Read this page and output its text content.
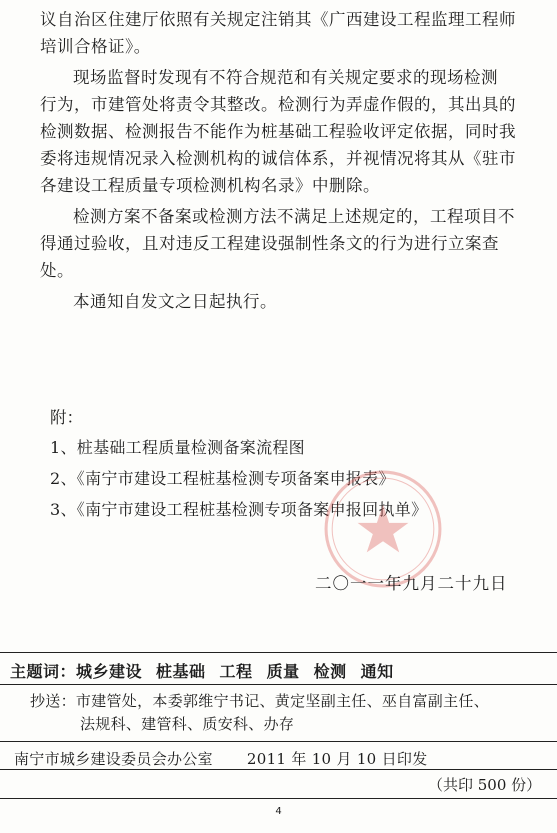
议自治区住建厅依照有关规定注销其《广西建设工程监理工程师
培训合格证》。

现场监督时发现有不符合规范和有关规定要求的现场检测
行为，市建管处将责令其整改。检测行为弄虚作假的，其出具的
检测数据、检测报告不能作为桩基础工程验收评定依据，同时我
委将违规情况录入检测机构的诚信体系，并视情况将其从《驻市
各建设工程质量专项检测机构名录》中删除。

检测方案不备案或检测方法不满足上述规定的，工程项目不
得通过验收，且对违反工程建设强制性条文的行为进行立案查
处。

本通知自发文之日起执行。

附：
1、桩基础工程质量检测备案流程图
2、《南宁市建设工程桩基检测专项备案申报表》
3、《南宁市建设工程桩基检测专项备案申报回执单》
二〇一一年九月二十九日
主题词：城乡建设 桩基础 工程 质量 检测 通知
抄送：市建管处，本委郭维宁书记、黄定坚副主任、巫自富副主任、
法规科、建管科、质安科、办存
南宁市城乡建设委员会办公室 2011 年 10 月 10 日印发
（共印 500 份）
4
